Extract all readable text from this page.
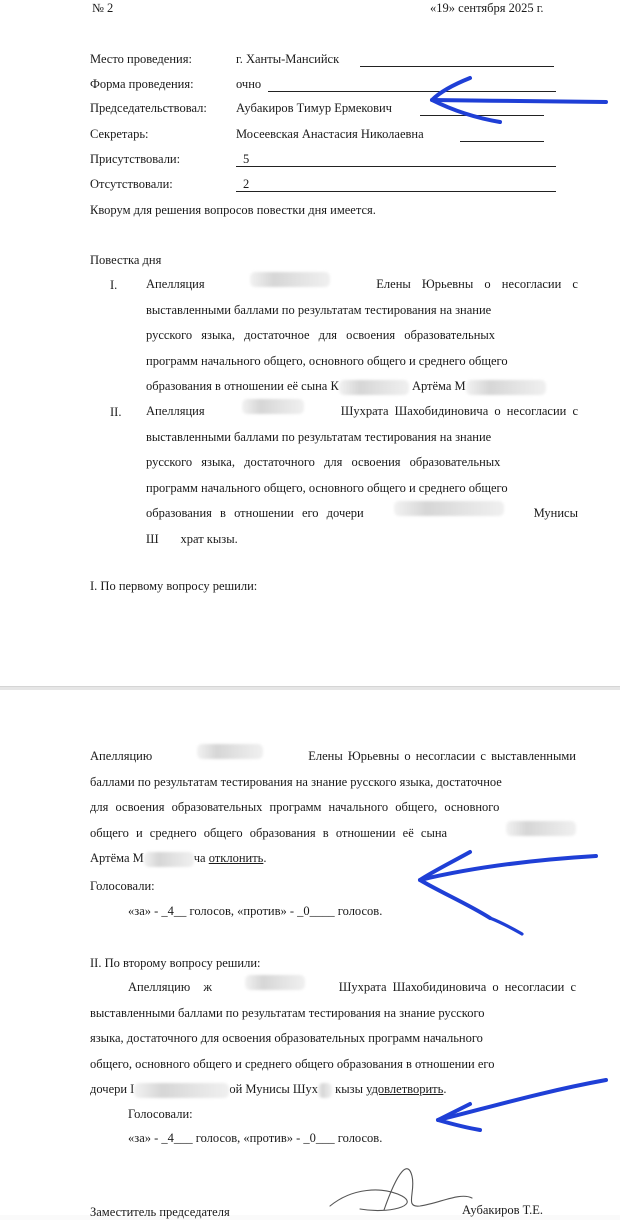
№ 2	«19» сентября 2025 г.
Место проведения:	г. Ханты-Мансийск
Форма проведения:	очно
Председательствовал: Аубакиров Тимур Ермекович
Секретарь:	Мосеевская Анастасия Николаевна
Присутствовали:	5
Отсутствовали:	2
Кворум для решения вопросов повестки дня имеется.
Повестка дня
I. Апелляция	Елены Юрьевны о несогласии с

выставленными баллами по результатам тестирования на знание

русского языка, достаточное для освоения образовательных

программ начального общего, основного общего и среднего общего

образования в отношении её сына К	Артёма М

II. Апелляция	Шухрата Шахобидиновича о несогласии с

выставленными баллами по результатам тестирования на знание

русского языка, достаточного для освоения образовательных

программ начального общего, основного общего и среднего общего

образования в отношении его дочери	Мунисы

Ш       храт кызы.

I. По первому вопросу решили:

Апелляцию	Елены Юрьевны о несогласии с выставленными

баллами по результатам тестирования на знание русского языка, достаточное

для освоения образовательных программ начального общего, основного

общего и среднего общего образования в отношении её сына

Артёма М	ча отклонить.

Голосовали:
«за» - _4__ голосов, «против» - _0____ голосов.
II. По второму вопросу решили:

Апелляцию ж	Шухрата Шахобидиновича о несогласии с

выставленными баллами по результатам тестирования на знание русского

языка, достаточного для освоения образовательных программ начального

общего, основного общего и среднего общего образования в отношении его

дочери I	ой Мунисы Шух кызы удовлетворить.

Голосовали:
«за» - _4___ голосов, «против» - _0___ голосов.
Заместитель председателя	Аубакиров Т.Е.
